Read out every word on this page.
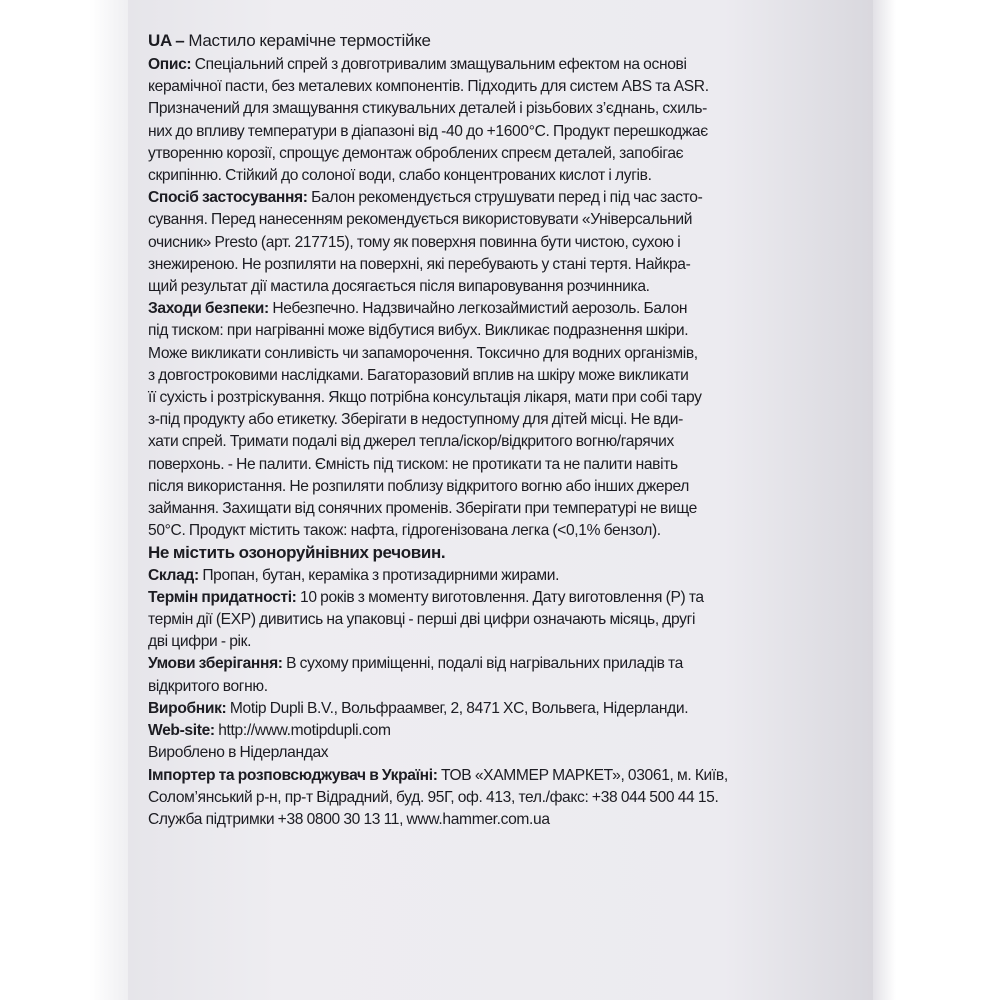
UA – Мастило керамічне термостійке
Опис: Спеціальний спрей з довготривалим змащувальним ефектом на основі
керамічної пасти, без металевих компонентів. Підходить для систем ABS та ASR.
Призначений для змащування стикувальних деталей і різьбових з’єднань, схиль-
них до впливу температури в діапазоні від -40 до +1600°С. Продукт перешкоджає
утворенню корозії, спрощує демонтаж оброблених спреєм деталей, запобігає
скрипінню. Стійкий до солоної води, слабо концентрованих кислот і лугів.
Спосіб застосування: Балон рекомендується струшувати перед і під час засто-
сування. Перед нанесенням рекомендується використовувати «Універсальний
очисник» Presto (арт. 217715), тому як поверхня повинна бути чистою, сухою і
знежиреною. Не розпиляти на поверхні, які перебувають у стані тертя. Найкра-
щий результат дії мастила досягається після випаровування розчинника.
Заходи безпеки: Небезпечно. Надзвичайно легкозаймистий аерозоль. Балон
під тиском: при нагріванні може відбутися вибух. Викликає подразнення шкіри.
Може викликати сонливість чи запаморочення. Токсично для водних організмів,
з довгостроковими наслідками. Багаторазовий вплив на шкіру може викликати
її сухість і розтріскування. Якщо потрібна консультація лікаря, мати при собі тару
з-під продукту або етикетку. Зберігати в недоступному для дітей місці. Не вди-
хати спрей. Тримати подалі від джерел тепла/іскор/відкритого вогню/гарячих
поверхонь. - Не палити. Ємність під тиском: не протикати та не палити навіть
після використання. Не розпиляти поблизу відкритого вогню або інших джерел
займання. Захищати від сонячних променів. Зберігати при температурі не вище
50°С. Продукт містить також: нафта, гідрогенізована легка (<0,1% бензол).
Не містить озоноруйнівних речовин.
Склад: Пропан, бутан, кераміка з протизадирними жирами.
Термін придатності: 10 років з моменту виготовлення. Дату виготовлення (P) та
термін дії (EXP) дивитись на упаковці - перші дві цифри означають місяць, другі
дві цифри - рік.
Умови зберігання: В сухому приміщенні, подалі від нагрівальних приладів та
відкритого вогню.
Виробник: Motip Dupli B.V., Вольфраамвег, 2, 8471 XC, Вольвега, Нідерланди.
Web-site: http://www.motipdupli.com
Вироблено в Нідерландах
Імпортер та розповсюджувач в Україні: ТОВ «ХАММЕР МАРКЕТ», 03061, м. Київ,
Солом’янський р-н, пр-т Відрадний, буд. 95Г, оф. 413, тел./факс: +38 044 500 44 15.
Служба підтримки +38 0800 30 13 11, www.hammer.com.ua
